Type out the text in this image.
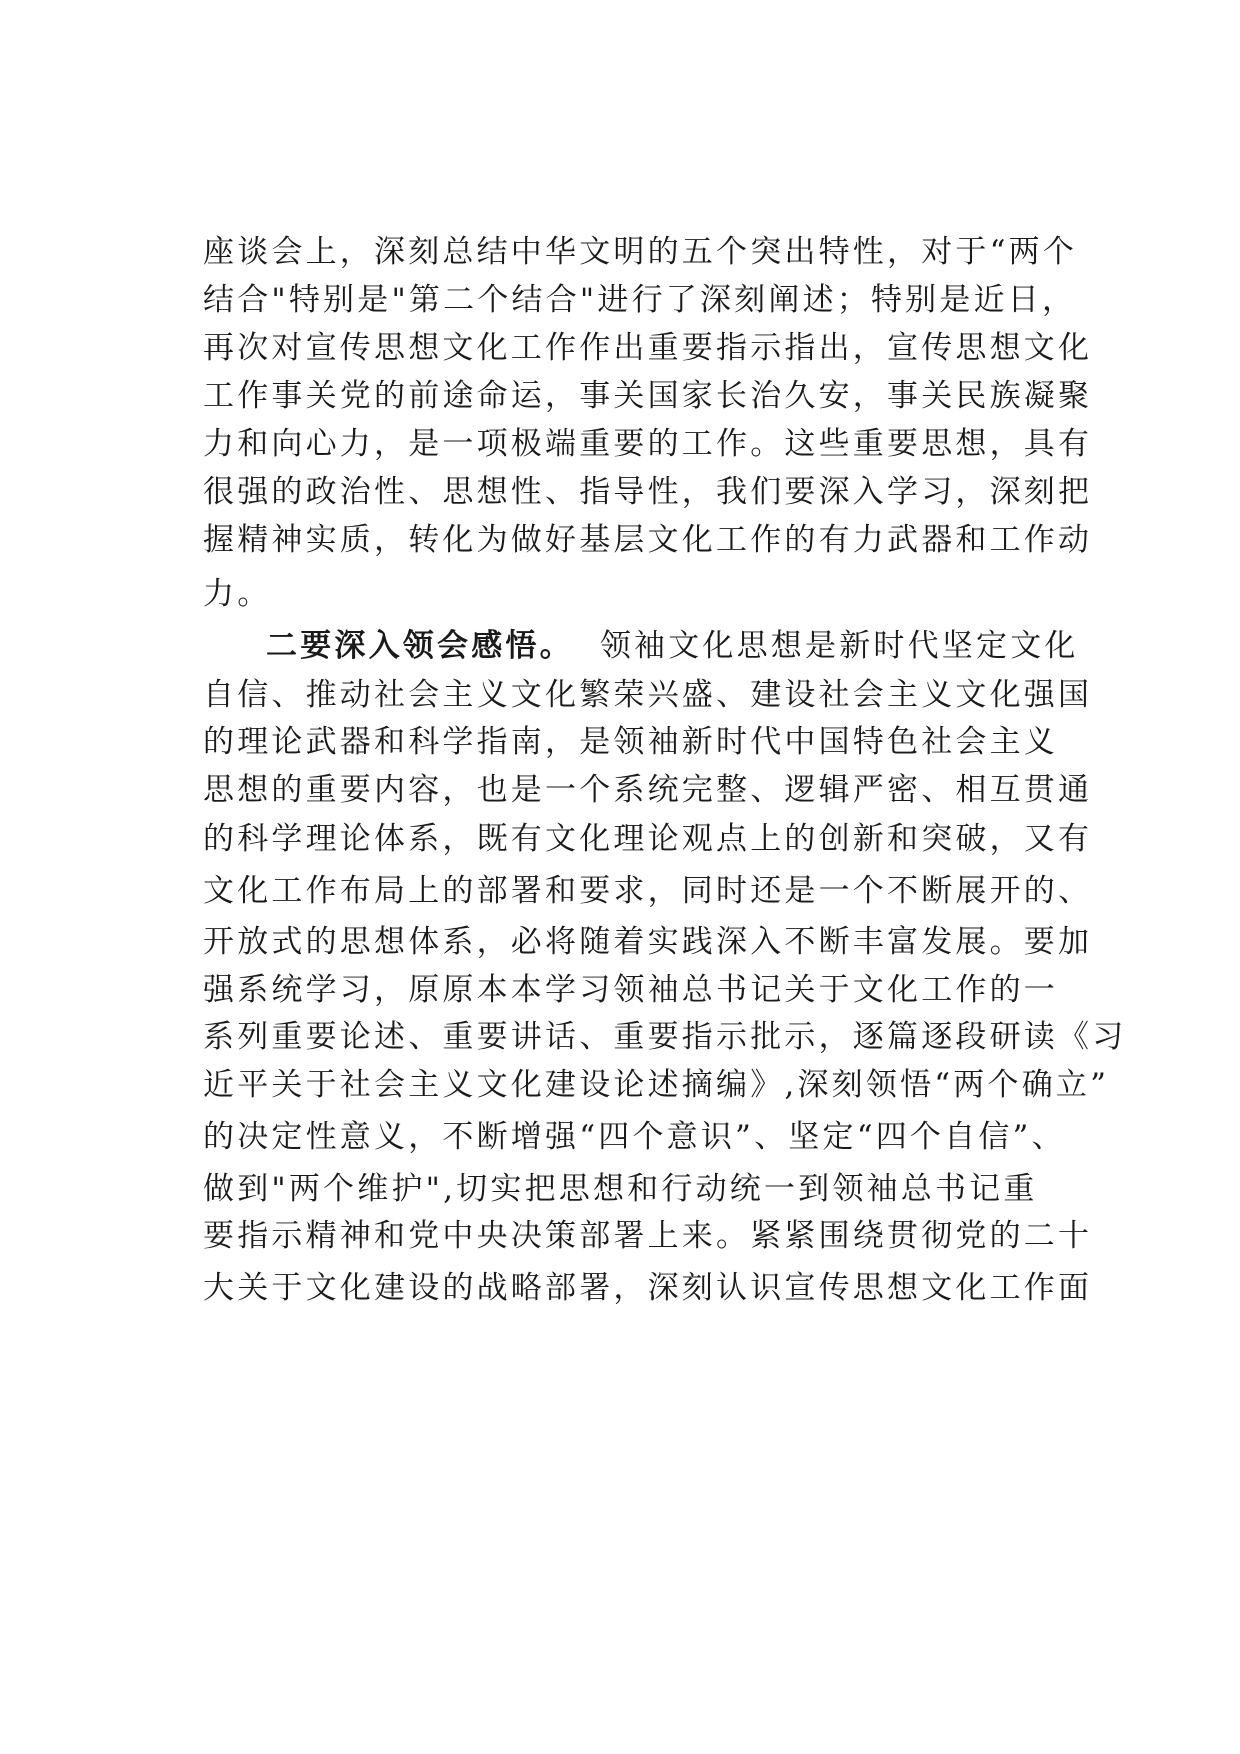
座谈会上，深刻总结中华文明的五个突出特性，对于“两个
结合"特别是"第二个结合"进行了深刻阐述；特别是近日，
再次对宣传思想文化工作作出重要指示指出，宣传思想文化
工作事关党的前途命运，事关国家长治久安，事关民族凝聚
力和向心力，是一项极端重要的工作。这些重要思想，具有
很强的政治性、思想性、指导性，我们要深入学习，深刻把
握精神实质，转化为做好基层文化工作的有力武器和工作动
力。
二要深入领会感悟。 领袖文化思想是新时代坚定文化
自信、推动社会主义文化繁荣兴盛、建设社会主义文化强国
的理论武器和科学指南，是领袖新时代中国特色社会主义
思想的重要内容，也是一个系统完整、逻辑严密、相互贯通
的科学理论体系，既有文化理论观点上的创新和突破，又有
文化工作布局上的部署和要求，同时还是一个不断展开的、
开放式的思想体系，必将随着实践深入不断丰富发展。要加
强系统学习，原原本本学习领袖总书记关于文化工作的一
系列重要论述、重要讲话、重要指示批示，逐篇逐段研读《习
近平关于社会主义文化建设论述摘编》,深刻领悟“两个确立”
的决定性意义，不断增强“四个意识”、坚定“四个自信”、
做到"两个维护",切实把思想和行动统一到领袖总书记重
要指示精神和党中央决策部署上来。紧紧围绕贯彻党的二十
大关于文化建设的战略部署，深刻认识宣传思想文化工作面
